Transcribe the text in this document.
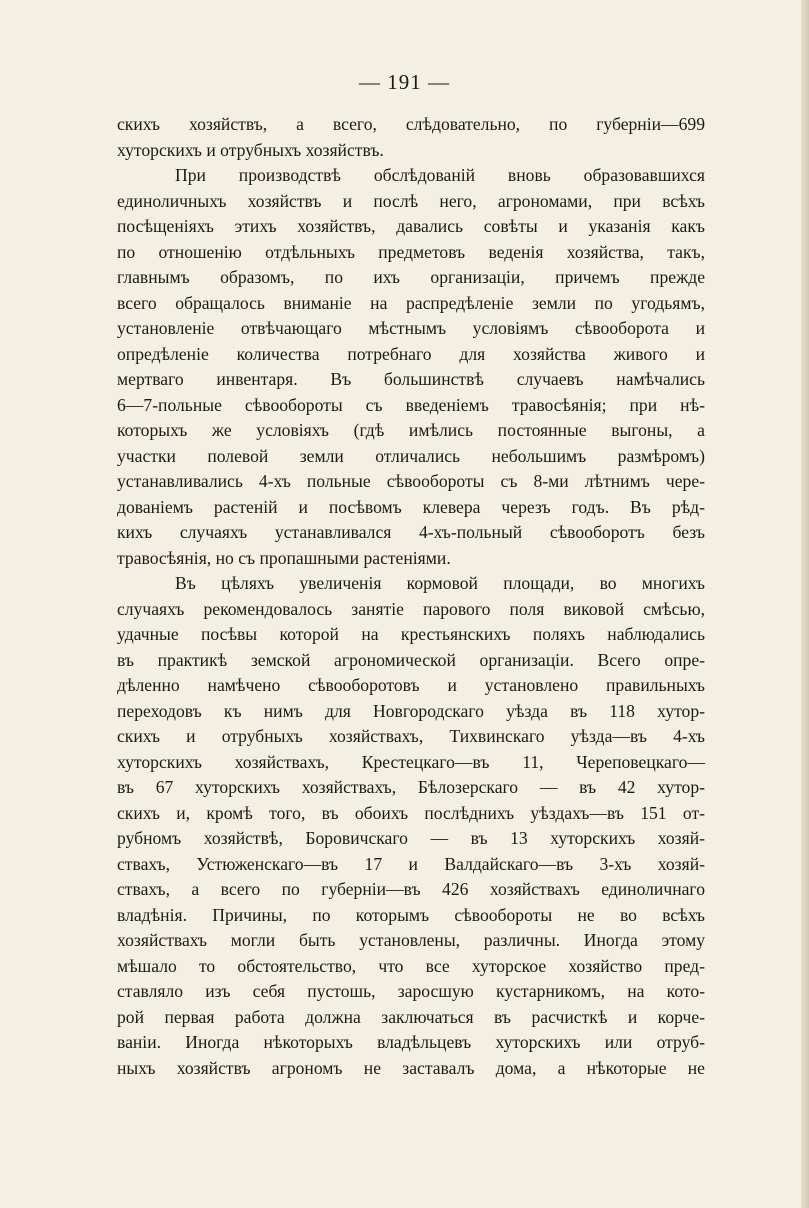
— 191 —
скихъ хозяйствъ, а всего, слѣдовательно, по губерніи—699
хуторскихъ и отрубныхъ хозяйствъ.
При производствѣ обслѣдованій вновь образовавшихся
единоличныхъ хозяйствъ и послѣ него, агрономами, при всѣхъ
посѣщеніяхъ этихъ хозяйствъ, давались совѣты и указанія какъ
по отношенію отдѣльныхъ предметовъ веденія хозяйства, такъ,
главнымъ образомъ, по ихъ организаціи, причемъ прежде
всего обращалось вниманіе на распредѣленіе земли по угодьямъ,
установленіе отвѣчающаго мѣстнымъ условіямъ сѣвооборота и
опредѣленіе количества потребнаго для хозяйства живого и
мертваго инвентаря. Въ большинствѣ случаевъ намѣчались
6—7-польные сѣвообороты съ введеніемъ травосѣянія; при нѣ-
которыхъ же условіяхъ (гдѣ имѣлись постоянные выгоны, а
участки полевой земли отличались небольшимъ размѣромъ)
устанавливались 4-хъ польные сѣвообороты съ 8-ми лѣтнимъ чере-
дованіемъ растеній и посѣвомъ клевера черезъ годъ. Въ рѣд-
кихъ случаяхъ устанавливался 4-хъ-польный сѣвооборотъ безъ
травосѣянія, но съ пропашными растеніями.
Въ цѣляхъ увеличенія кормовой площади, во многихъ
случаяхъ рекомендовалось занятіе парового поля виковой смѣсью,
удачные посѣвы которой на крестьянскихъ поляхъ наблюдались
въ практикѣ земской агрономической организаціи. Всего опре-
дѣленно намѣчено сѣвооборотовъ и установлено правильныхъ
переходовъ къ нимъ для Новгородскаго уѣзда въ 118 хутор-
скихъ и отрубныхъ хозяйствахъ, Тихвинскаго уѣзда—въ 4-хъ
хуторскихъ хозяйствахъ, Крестецкаго—въ 11, Череповецкаго—
въ 67 хуторскихъ хозяйствахъ, Бѣлозерскаго — въ 42 хутор-
скихъ и, кромѣ того, въ обоихъ послѣднихъ уѣздахъ—въ 151 от-
рубномъ хозяйствѣ, Боровичскаго — въ 13 хуторскихъ хозяй-
ствахъ, Устюженскаго—въ 17 и Валдайскаго—въ 3-хъ хозяй-
ствахъ, а всего по губерніи—въ 426 хозяйствахъ единоличнаго
владѣнія. Причины, по которымъ сѣвообороты не во всѣхъ
хозяйствахъ могли быть установлены, различны. Иногда этому
мѣшало то обстоятельство, что все хуторское хозяйство пред-
ставляло изъ себя пустошь, заросшую кустарникомъ, на кото-
рой первая работа должна заключаться въ расчисткѣ и корче-
ваніи. Иногда нѣкоторыхъ владѣльцевъ хуторскихъ или отруб-
ныхъ хозяйствъ агрономъ не заставалъ дома, а нѣкоторые не
